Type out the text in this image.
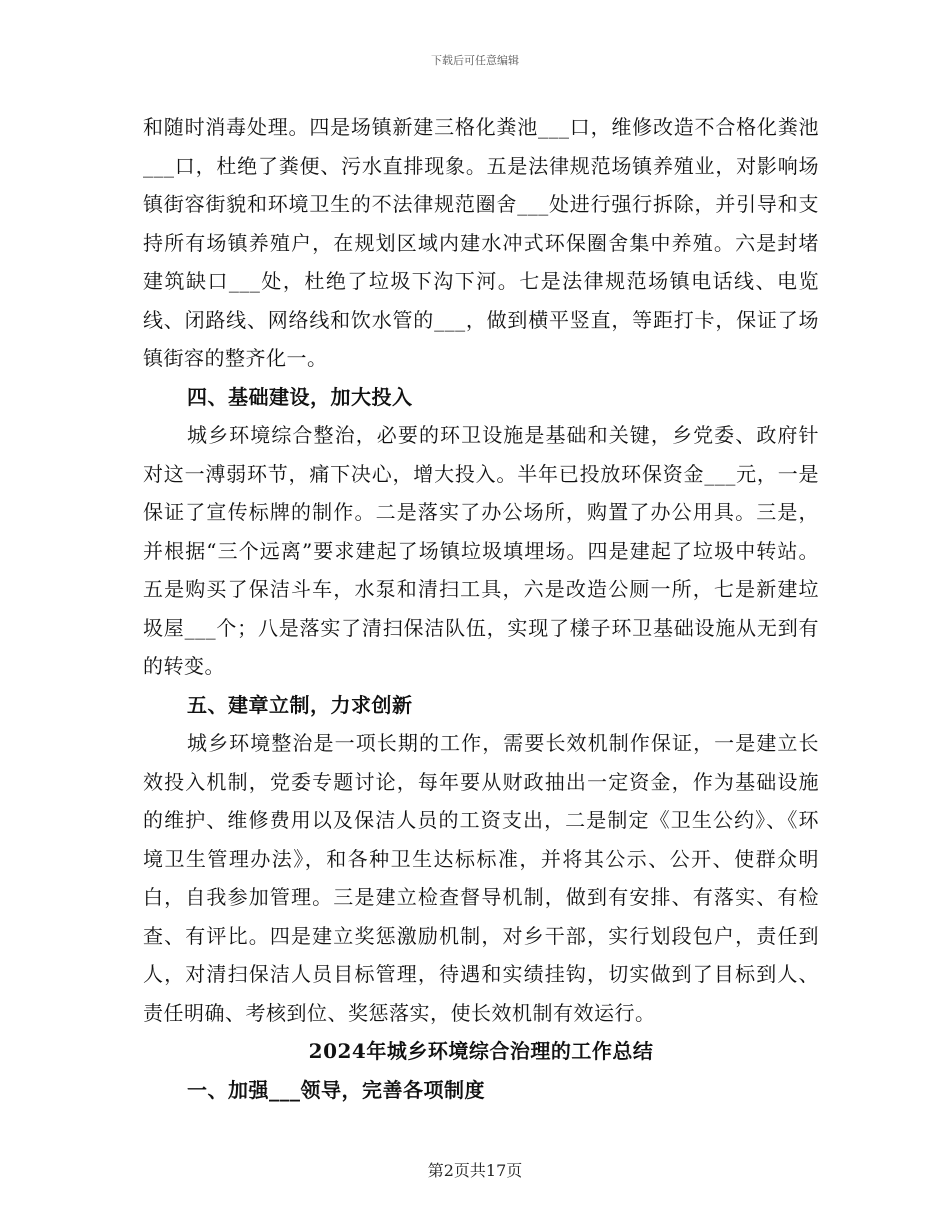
下载后可任意编辑

和随时消毒处理。四是场镇新建三格化粪池___口，维修改造不合格化粪池___口，杜绝了粪便、污水直排现象。五是法律规范场镇养殖业，对影响场镇街容街貌和环境卫生的不法律规范圈舍___处进行强行拆除，并引导和支持所有场镇养殖户，在规划区域内建水冲式环保圈舍集中养殖。六是封堵建筑缺口___处，杜绝了垃圾下沟下河。七是法律规范场镇电话线、电览线、闭路线、网络线和饮水管的___，做到横平竖直，等距打卡，保证了场镇街容的整齐化一。

四、基础建设，加大投入

城乡环境综合整治，必要的环卫设施是基础和关键，乡党委、政府针对这一溥弱环节，痛下决心，增大投入。半年已投放环保资金___元，一是保证了宣传标牌的制作。二是落实了办公场所，购置了办公用具。三是，并根据“三个远离”要求建起了场镇垃圾填埋场。四是建起了垃圾中转站。五是购买了保洁斗车，水泵和清扫工具，六是改造公厕一所，七是新建垃圾屋___个；八是落实了清扫保洁队伍，实现了樣子环卫基础设施从无到有的转变。

五、建章立制，力求创新

城乡环境整治是一项长期的工作，需要长效机制作保证，一是建立长效投入机制，党委专题讨论，每年要从财政抽出一定资金，作为基础设施的维护、维修费用以及保洁人员的工资支出，二是制定《卫生公约》、《环境卫生管理办法》，和各种卫生达标标准，并将其公示、公开、使群众明白，自我参加管理。三是建立检查督导机制，做到有安排、有落实、有检查、有评比。四是建立奖惩激励机制，对乡干部，实行划段包户，责任到人，对清扫保洁人员目标管理，待遇和实绩挂钩，切实做到了目标到人、责任明确、考核到位、奖惩落实，使长效机制有效运行。

2024年城乡环境综合治理的工作总结

一、加强___领导，完善各项制度

第2页共17页
